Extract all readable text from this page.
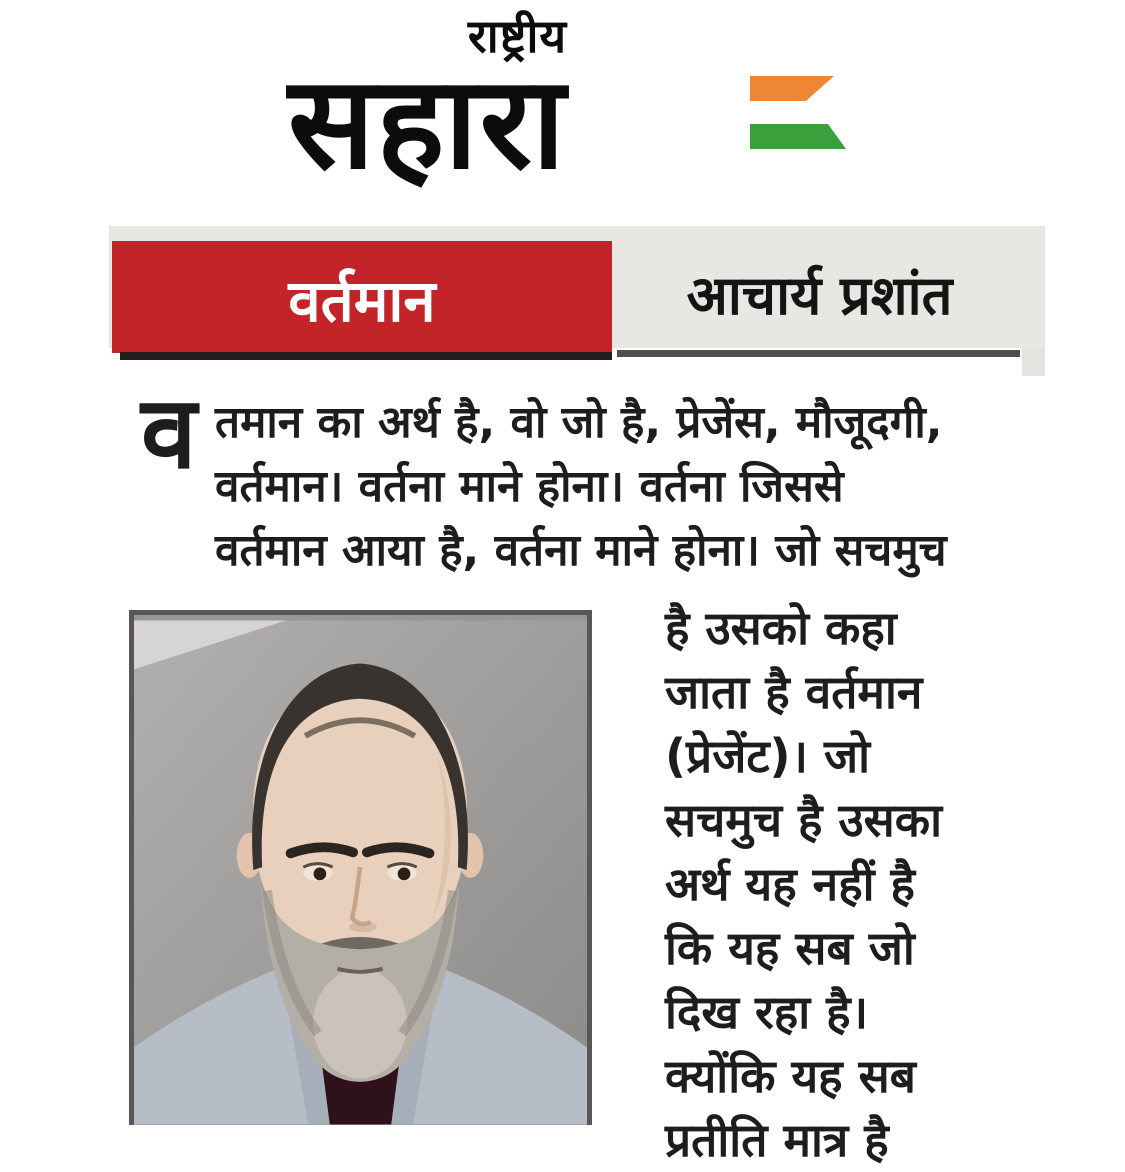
राष्ट्रीय
सहारा
वर्तमान	आचार्य प्रशांत
व तमान का अर्थ है, वो जो है, प्रेजेंस, मौजूदगी,
वर्तमान। वर्तना माने होना। वर्तना जिससे
वर्तमान आया है, वर्तना माने होना। जो सचमुच
है उसको कहा
जाता है वर्तमान
(प्रेजेंट)। जो
सचमुच है उसका
अर्थ यह नहीं है
कि यह सब जो
दिख रहा है।
क्योंकि यह सब
प्रतीति मात्र है
